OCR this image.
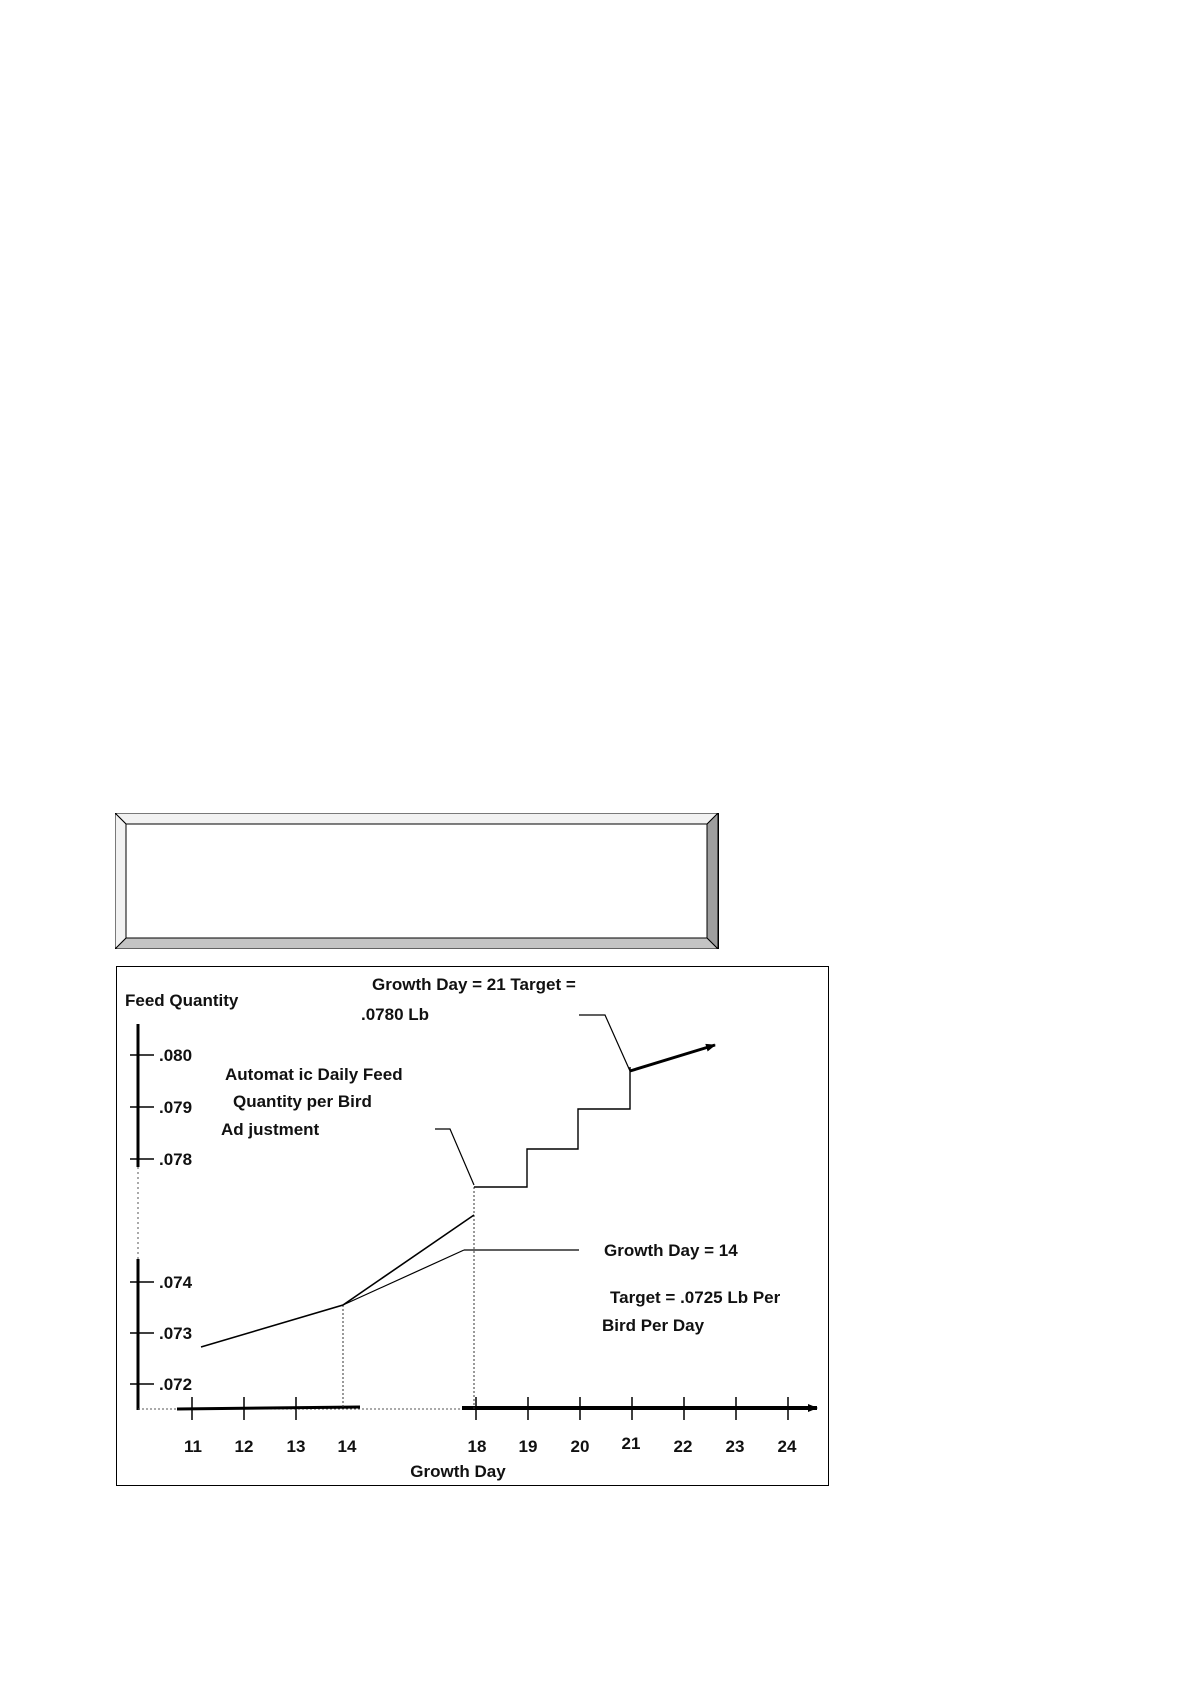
Feed Quantity
.080
.079
.078
.074
.073
.072
11 12 13 14	18 19 20 21 22 23 24
Growth Day
Growth Day = 21 Target =
.0780 Lb
Automat ic Daily Feed
Quantity per Bird
Ad justment
Growth Day = 14
Target = .0725 Lb Per
Bird Per Day
